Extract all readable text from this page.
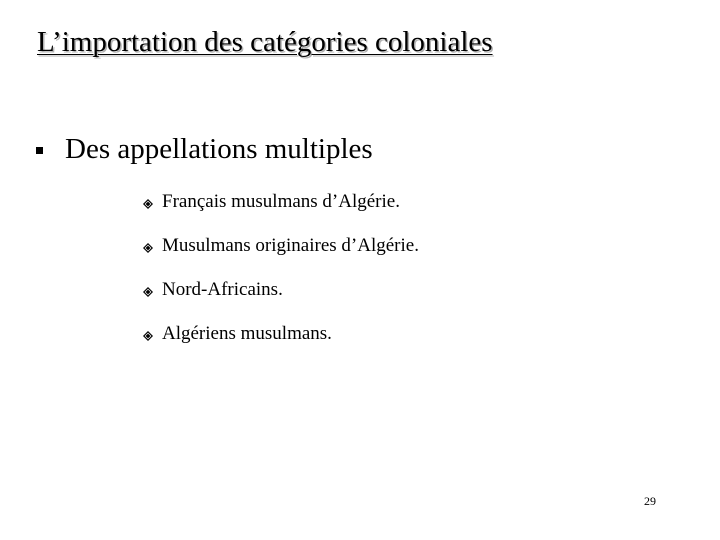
L’importation des catégories coloniales
Des appellations multiples
Français musulmans d’Algérie.
Musulmans originaires d’Algérie.
Nord-Africains.
Algériens musulmans.
29
